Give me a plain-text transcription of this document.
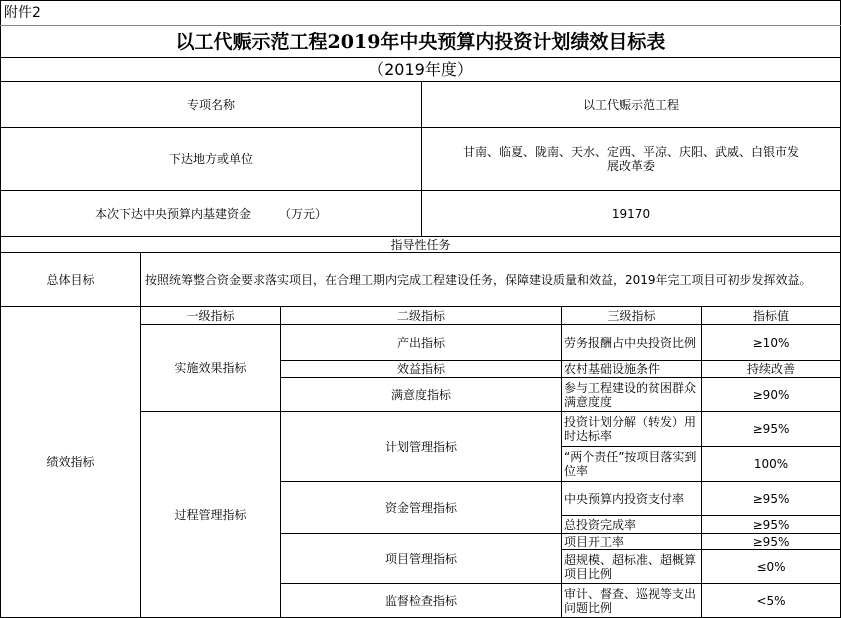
附件2
以工代赈示范工程2019年中央预算内投资计划绩效目标表
（2019年度）
专项名称	以工代赈示范工程
下达地方或单位	甘南、临夏、陇南、天水、定西、平凉、庆阳、武威、白银市发展改革委
本次下达中央预算内基建资金 （万元）	19170
指导性任务
总体目标	按照统筹整合资金要求落实项目，在合理工期内完成工程建设任务，保障建设质量和效益，2019年完工项目可初步发挥效益。
绩效指标
一级指标	二级指标	三级指标	指标值
实施效果指标
产出指标	劳务报酬占中央投资比例	≥10%
效益指标	农村基础设施条件	持续改善
满意度指标	参与工程建设的贫困群众满意度度	≥90%
过程管理指标
计划管理指标
投资计划分解（转发）用时达标率	≥95%
“两个责任”按项目落实到位率	100%
资金管理指标
中央预算内投资支付率	≥95%
总投资完成率	≥95%
项目管理指标
项目开工率	≥95%
超规模、超标准、超概算项目比例	≤0%
监督检查指标	审计、督查、巡视等支出问题比例	<5%
